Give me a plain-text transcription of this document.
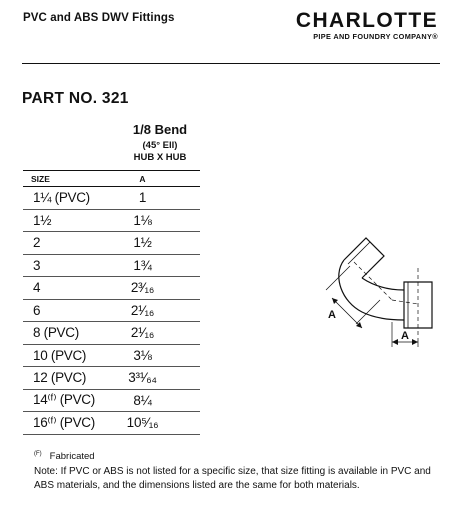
PVC and ABS DWV Fittings	CHARLOTTE
PIPE AND FOUNDRY COMPANY®
PART NO. 321
1/8 Bend
(45° Ell)
HUB X HUB
SIZE	A
1¼ (PVC)	1
1½	1⅛
2	1½
3	1¾
4	2³⁄₁₆
6	2¹⁄₁₆
8 (PVC)	2¹⁄₁₆
10 (PVC)	3⅛
12 (PVC)	3³¹⁄₆₄
14⁽ᶠ⁾ (PVC)	8¼
16⁽ᶠ⁾ (PVC)	10⁵⁄₁₆
A
A
$^{(F)}$ Fabricated
Note: If PVC or ABS is not listed for a specific size, that size fitting is available in PVC and ABS materials, and the dimensions listed are the same for both materials.
